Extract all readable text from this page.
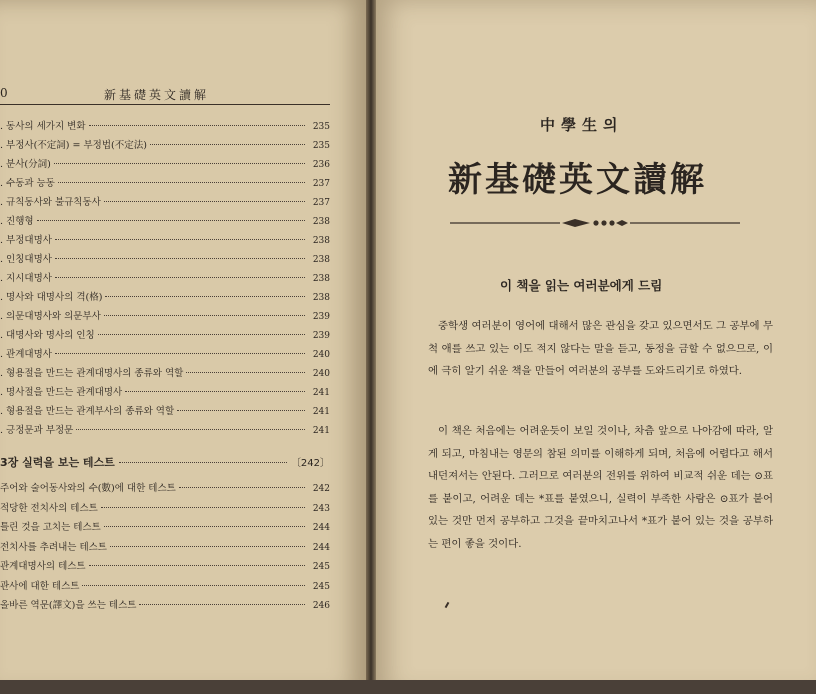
0	新基礎英文讀解
. 동사의 세가지 변화	235
. 부정사(不定詞) = 부정법(不定法)	235
. 분사(分詞)	236
. 수동과 능동	237
. 규칙동사와 불규칙동사	237
. 진행형	238
. 부정대명사	238
. 인칭대명사	238
. 지시대명사	238
. 명사와 대명사의 격(格)	238
. 의문대명사와 의문부사	239
. 대명사와 명사의 인칭	239
. 관계대명사	240
. 형용절을 만드는 관계대명사의 종류와 역할	240
. 명사절을 만드는 관계대명사	241
. 형용절을 만드는 관계부사의 종류와 역할	241
. 긍정문과 부정문	241
3장 실력을 보는 테스트	〔242〕
주어와 술어동사와의 수(數)에 대한 테스트	242
적당한 전치사의 테스트	243
틀린 것을 고치는 테스트	244
전치사를 추려내는 테스트	244
관계대명사의 테스트	245
관사에 대한 테스트	245
올바른 역문(譯文)을 쓰는 테스트	246
中學生의
新基礎英文讀解
이 책을 읽는 여러분에게 드림
중학생 여러분이 영어에 대해서 많은 관심을 갖고 있으면서도 그 공부에 무척 애를 쓰고 있는 이도 적지 않다는 말을 듣고, 동정을 금할 수 없으므로, 이에 극히 알기 쉬운 책을 만들어 여러분의 공부를 도와드리기로 하였다.
이 책은 처음에는 어려운듯이 보일 것이나, 차츰 앞으로 나아감에 따라, 알게 되고, 마침내는 영문의 참된 의미를 이해하게 되며, 처음에 어렵다고 해서 내던져서는 안된다. 그러므로 여러분의 전위를 위하여 비교적 쉬운 데는 ⊙표를 붙이고, 어려운 데는 *표를 붙였으니, 실력이 부족한 사람은 ⊙표가 붙어 있는 것만 먼저 공부하고 그것을 끝마치고나서 *표가 붙어 있는 것을 공부하는 편이 좋을 것이다.
